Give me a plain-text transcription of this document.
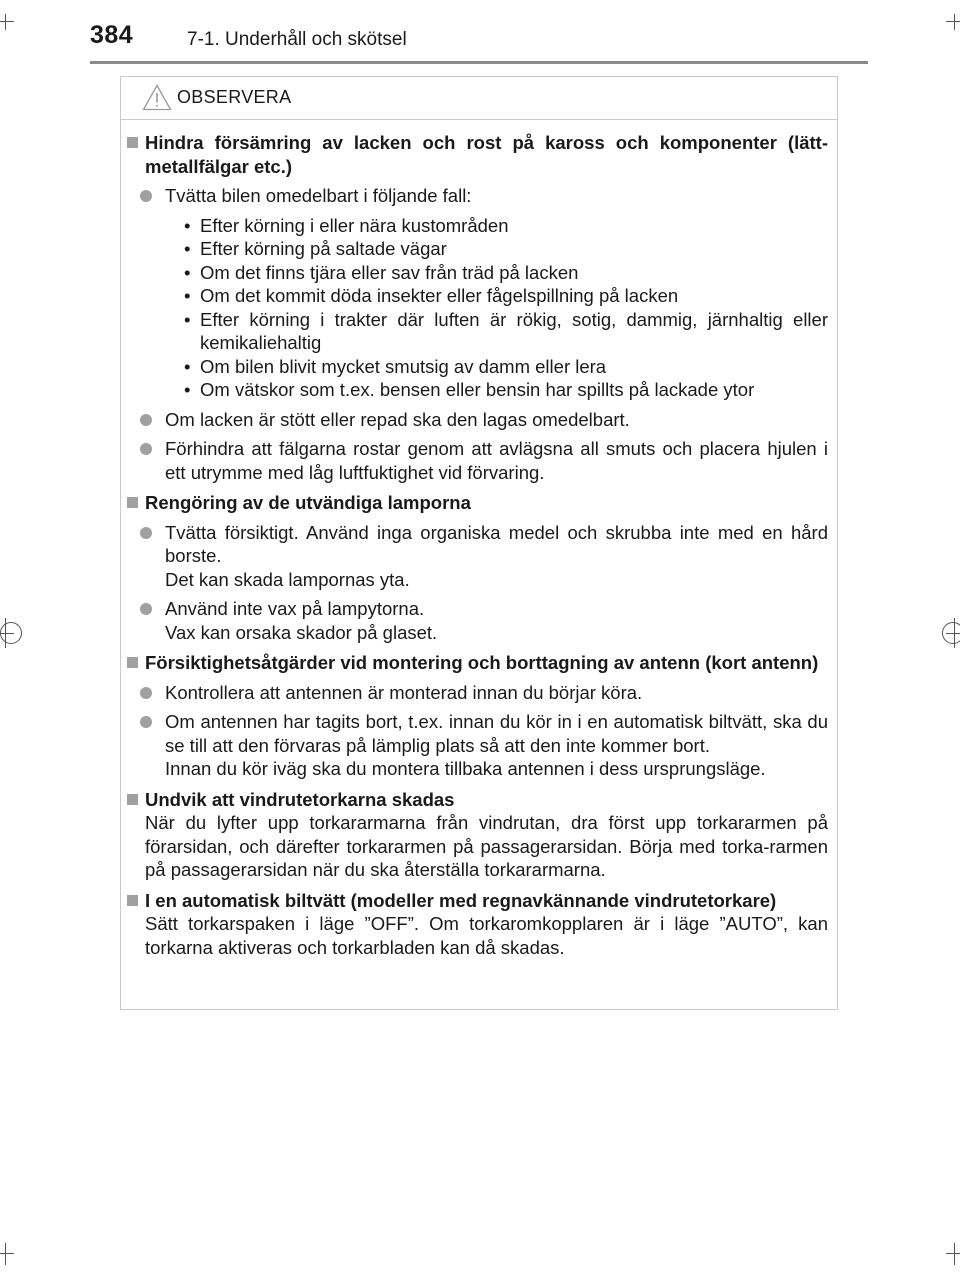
384	7-1. Underhåll och skötsel
OBSERVERA
Hindra försämring av lacken och rost på kaross och komponenter (lätt-metallfälgar etc.)
Tvätta bilen omedelbart i följande fall:
• Efter körning i eller nära kustområden
• Efter körning på saltade vägar
• Om det finns tjära eller sav från träd på lacken
• Om det kommit döda insekter eller fågelspillning på lacken
• Efter körning i trakter där luften är rökig, sotig, dammig, järnhaltig eller kemikaliehaltig
• Om bilen blivit mycket smutsig av damm eller lera
• Om vätskor som t.ex. bensen eller bensin har spillts på lackade ytor
Om lacken är stött eller repad ska den lagas omedelbart.
Förhindra att fälgarna rostar genom att avlägsna all smuts och placera hjulen i ett utrymme med låg luftfuktighet vid förvaring.
Rengöring av de utvändiga lamporna
Tvätta försiktigt. Använd inga organiska medel och skrubba inte med en hård borste.
Det kan skada lampornas yta.
Använd inte vax på lampytorna.
Vax kan orsaka skador på glaset.
Försiktighetsåtgärder vid montering och borttagning av antenn (kort antenn)
Kontrollera att antennen är monterad innan du börjar köra.
Om antennen har tagits bort, t.ex. innan du kör in i en automatisk biltvätt, ska du se till att den förvaras på lämplig plats så att den inte kommer bort.
Innan du kör iväg ska du montera tillbaka antennen i dess ursprungsläge.
Undvik att vindrutetorkarna skadas
När du lyfter upp torkararmarna från vindrutan, dra först upp torkararmen på förarsidan, och därefter torkararmen på passagerarsidan. Börja med torka-rarmen på passagerarsidan när du ska återställa torkararmarna.
I en automatisk biltvätt (modeller med regnavkännande vindrutetorkare)
Sätt torkarspaken i läge ”OFF”. Om torkaromkopplaren är i läge ”AUTO”, kan torkarna aktiveras och torkarbladen kan då skadas.
